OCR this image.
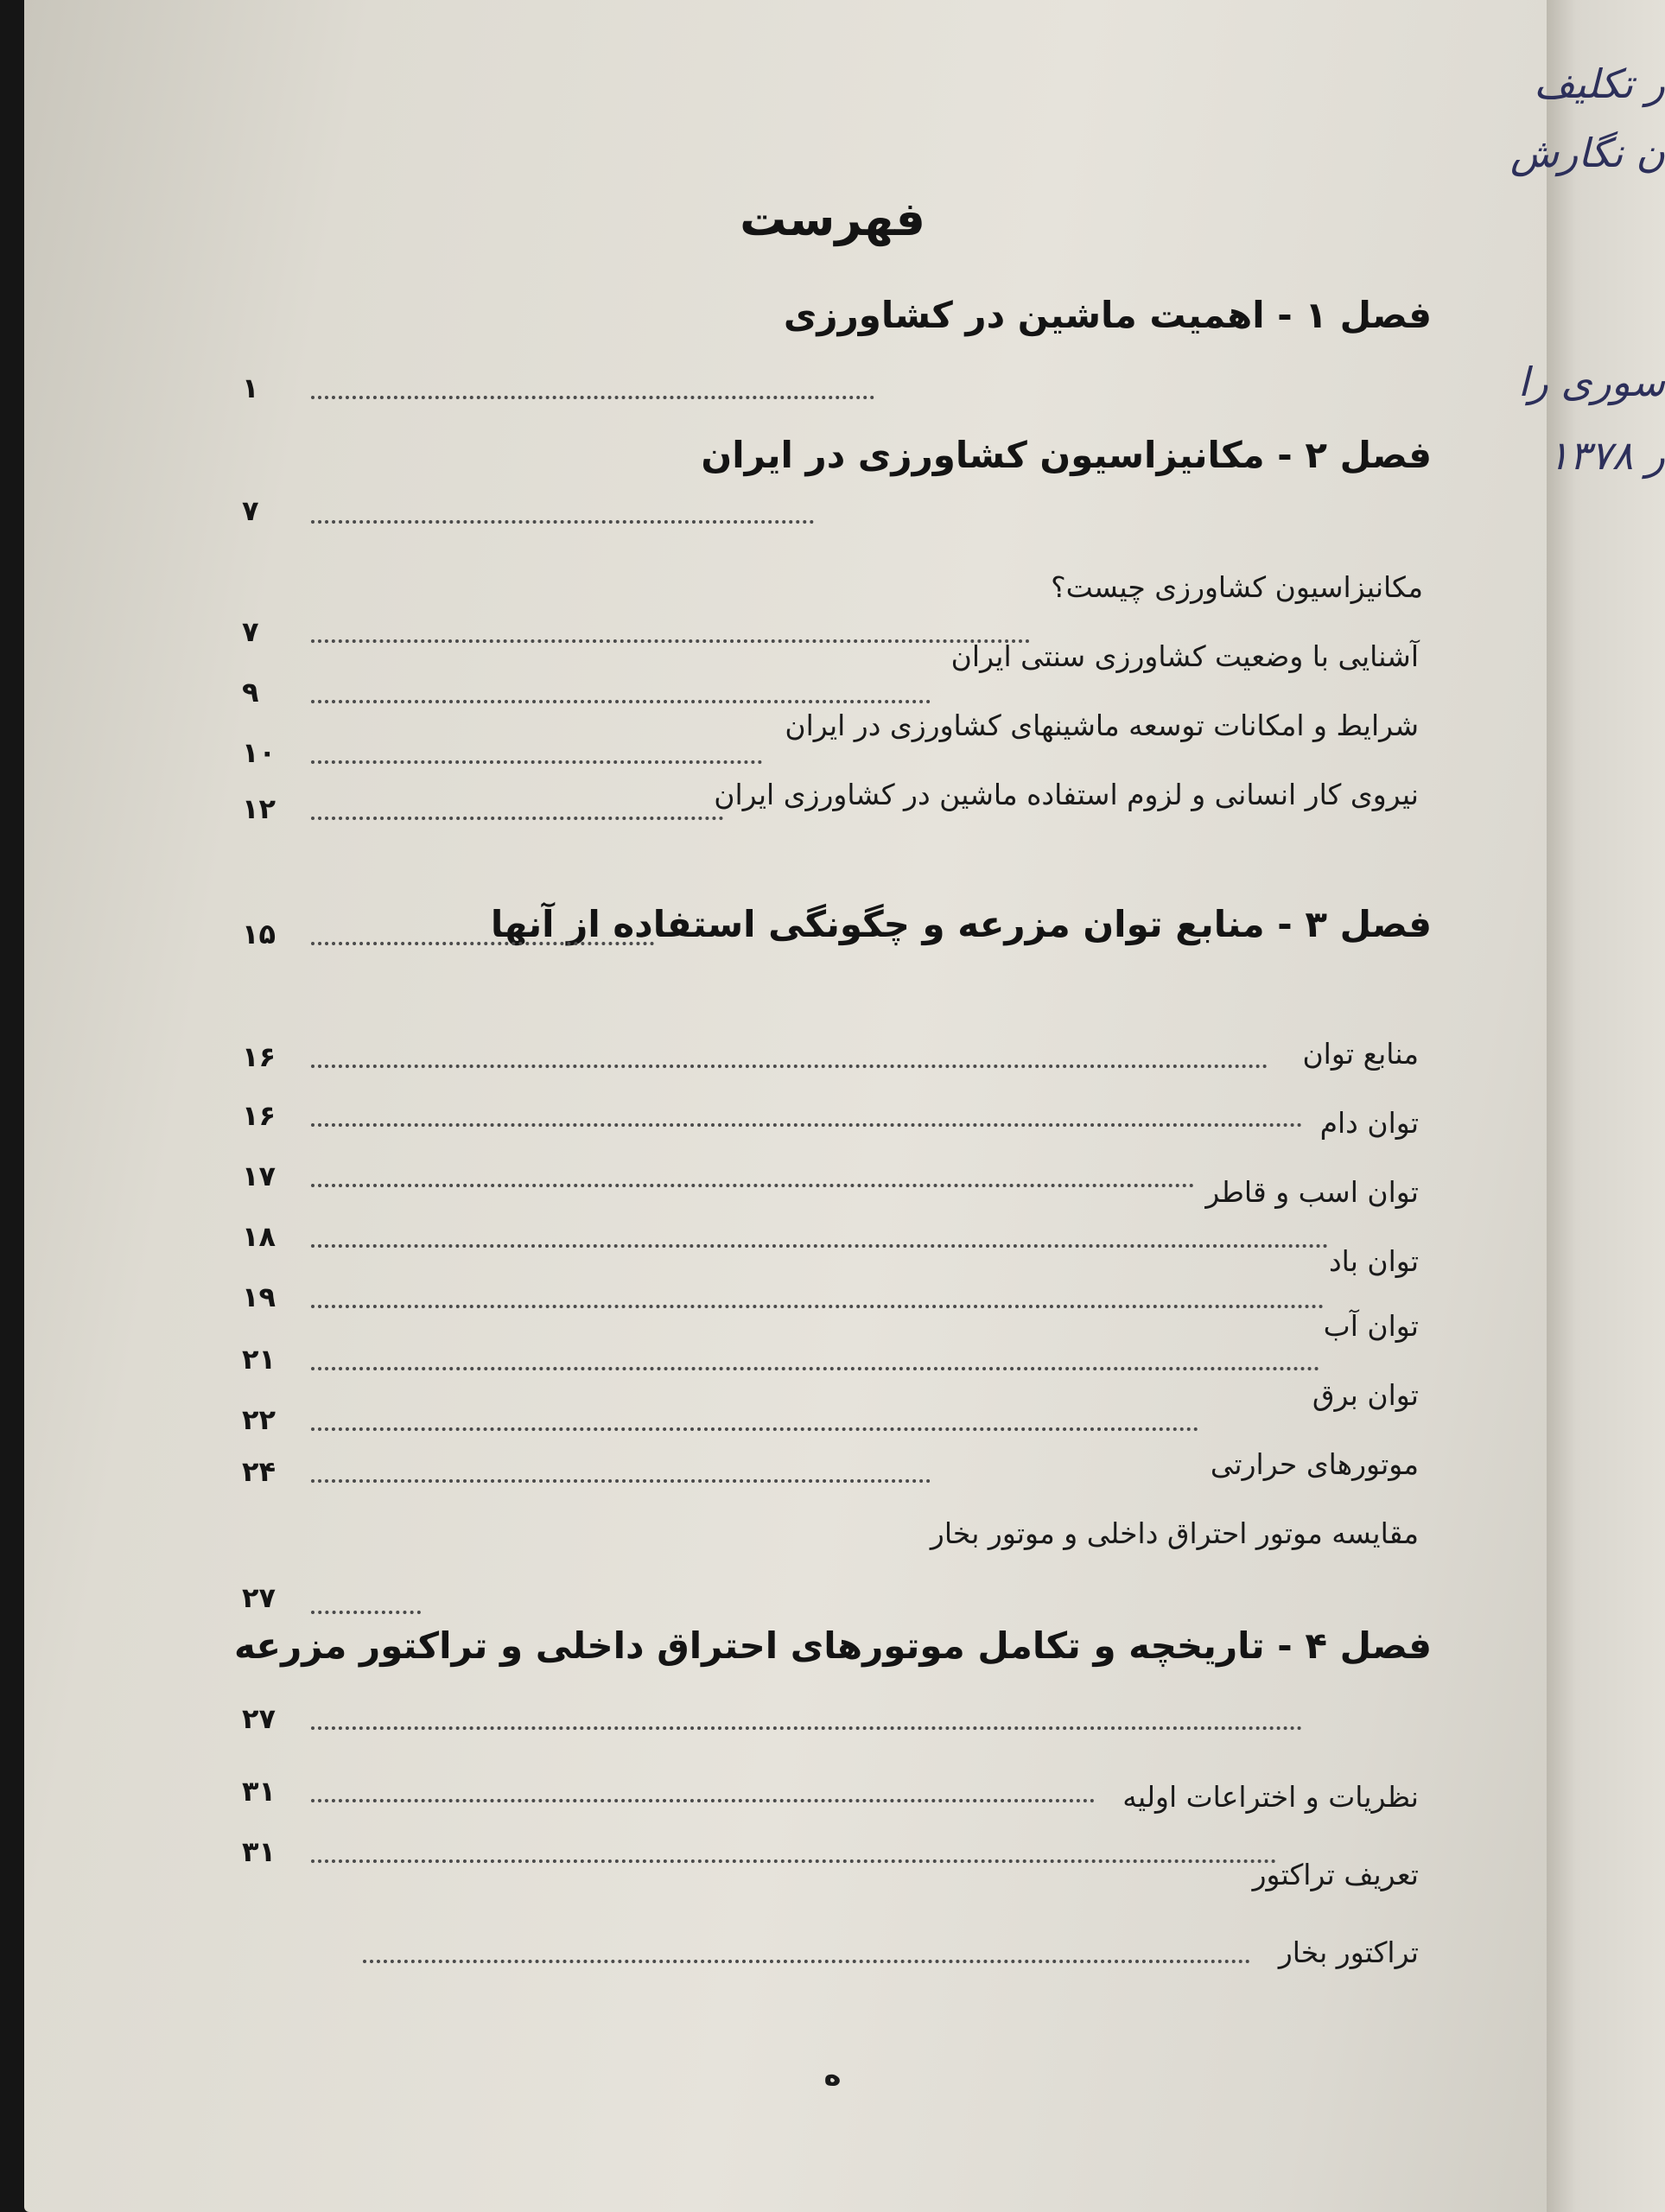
ر تکلیف
ن نگارش
سوری را
ر ۱۳۷۸
فهرست
فصل ۱ - اهمیت ماشین در کشاورزی
۱
فصل ۲ - مکانیزاسیون کشاورزی در ایران
۷
مکانیزاسیون کشاورزی چیست؟
۷
آشنایی با وضعیت کشاورزی سنتی ایران
۹
شرایط و امکانات توسعه ماشینهای کشاورزی در ایران
۱۰
نیروی کار انسانی و لزوم استفاده ماشین در کشاورزی ایران
۱۲
فصل ۳ - منابع توان مزرعه و چگونگی استفاده از آنها
۱۵
منابع توان
۱۶
توان دام
۱۶
توان اسب و قاطر
۱۷
توان باد
۱۸
توان آب
۱۹
توان برق
۲۱
موتورهای حرارتی
۲۲
مقایسه موتور احتراق داخلی و موتور بخار
۲۴
فصل ۴ - تاریخچه و تکامل موتورهای احتراق داخلی و تراکتور مزرعه
۲۷
۲۷
نظریات و اختراعات اولیه
۳۱
تعریف تراکتور
۳۱
تراکتور بخار
ه
